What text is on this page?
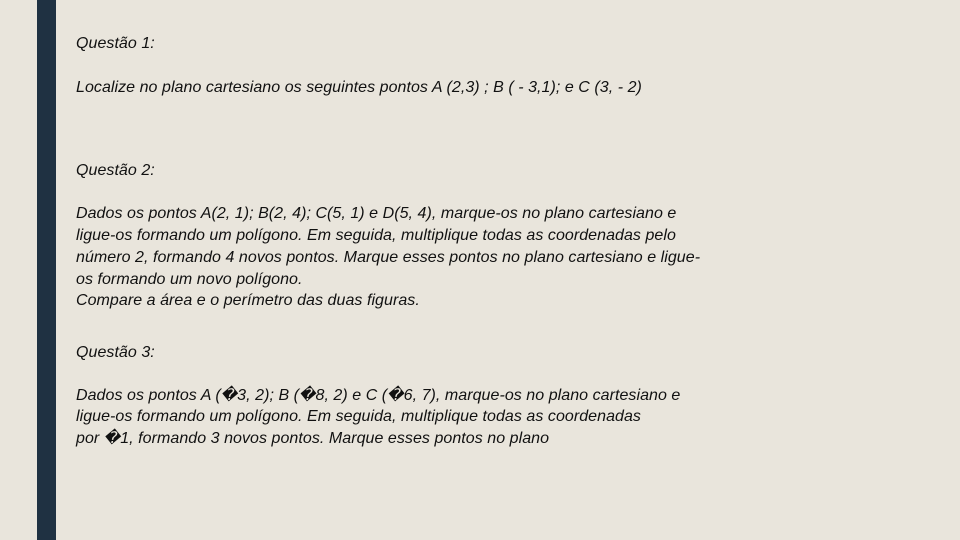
Questão 1:
Localize no plano cartesiano os seguintes pontos A (2,3) ; B ( - 3,1); e C (3, - 2)
Questão 2:
Dados os pontos A(2, 1); B(2, 4); C(5, 1) e D(5, 4), marque-os no plano cartesiano e
ligue-os formando um polígono. Em seguida, multiplique todas as coordenadas pelo
número 2, formando 4 novos pontos. Marque esses pontos no plano cartesiano e ligue-
os formando um novo polígono.
Compare a área e o perímetro das duas figuras.
Questão 3:
Dados os pontos A (�3, 2); B (�8, 2) e C (�6, 7), marque-os no plano cartesiano e
ligue-os formando um polígono. Em seguida, multiplique todas as coordenadas
por �1, formando 3 novos pontos. Marque esses pontos no plano
